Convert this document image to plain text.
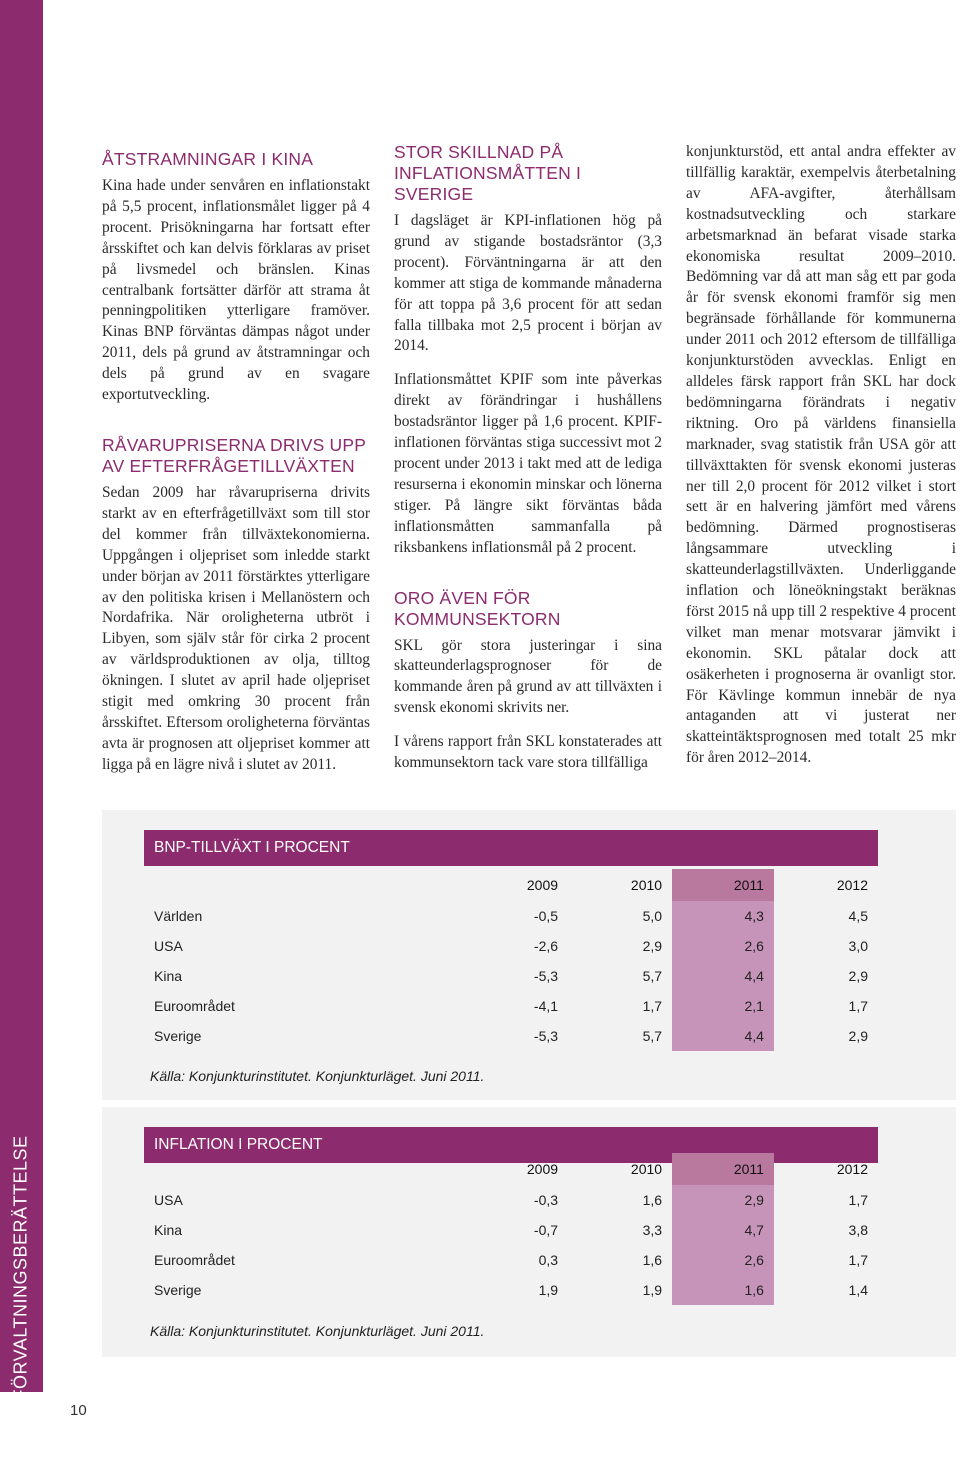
FÖRVALTNINGSBERÄTTELSE
10
ÅTSTRAMNINGAR I KINA

Kina hade under senvåren en inflationstakt på 5,5 procent, inflationsmålet ligger på 4 procent. Prisökningarna har fortsatt efter årsskiftet och kan delvis förklaras av priset på livsmedel och bränslen. Kinas centralbank fortsätter därför att strama åt penningpolitiken ytterligare framöver. Kinas BNP förväntas dämpas något under 2011, dels på grund av åtstramningar och dels på grund av en svagare exportutveckling.

RÅVARUPRISERNA DRIVS UPP AV EFTERFRÅGETILLVÄXTEN

Sedan 2009 har råvarupriserna drivits starkt av en efterfrågetillväxt som till stor del kommer från tillväxtekonomierna. Uppgången i oljepriset som inledde starkt under början av 2011 förstärktes ytterligare av den politiska krisen i Mellanöstern och Nordafrika. När oroligheterna utbröt i Libyen, som själv står för cirka 2 procent av världsproduktionen av olja, tilltog ökningen. I slutet av april hade oljepriset stigit med omkring 30 procent från årsskiftet. Eftersom oroligheterna förväntas avta är prognosen att oljepriset kommer att ligga på en lägre nivå i slutet av 2011.

STOR SKILLNAD PÅ INFLATIONSMÅTTEN I SVERIGE

I dagsläget är KPI-inflationen hög på grund av stigande bostadsräntor (3,3 procent). Förväntningarna är att den kommer att stiga de kommande månaderna för att toppa på 3,6 procent för att sedan falla tillbaka mot 2,5 procent i början av 2014.

Inflationsmåttet KPIF som inte påverkas direkt av förändringar i hushållens bostadsräntor ligger på 1,6 procent. KPIF-inflationen förväntas stiga successivt mot 2 procent under 2013 i takt med att de lediga resurserna i ekonomin minskar och lönerna stiger. På längre sikt förväntas båda inflationsmåtten sammanfalla på riksbankens inflationsmål på 2 procent.

ORO ÄVEN FÖR KOMMUNSEKTORN

SKL gör stora justeringar i sina skatteunderlagsprognoser för de kommande åren på grund av att tillväxten i svensk ekonomi skrivits ner.

I vårens rapport från SKL konstaterades att kommunsektorn tack vare stora tillfälliga

konjunkturstöd, ett antal andra effekter av tillfällig karaktär, exempelvis återbetalning av AFA-avgifter, återhållsam kostnadsutveckling och starkare arbetsmarknad än befarat visade starka ekonomiska resultat 2009–2010. Bedömning var då att man såg ett par goda år för svensk ekonomi framför sig men begränsade förhållande för kommunerna under 2011 och 2012 eftersom de tillfälliga konjunkturstöden avvecklas. Enligt en alldeles färsk rapport från SKL har dock bedömningarna förändrats i negativ riktning. Oro på världens finansiella marknader, svag statistik från USA gör att tillväxttakten för svensk ekonomi justeras ner till 2,0 procent för 2012 vilket i stort sett är en halvering jämfört med vårens bedömning. Därmed prognostiseras långsammare utveckling i skatteunderlagstillväxten. Underliggande inflation och löneökningstakt beräknas först 2015 nå upp till 2 respektive 4 procent vilket man menar motsvarar jämvikt i ekonomin. SKL påtalar dock att osäkerheten i prognoserna är ovanligt stor. För Kävlinge kommun innebär de nya antaganden att vi justerat ner skatteintäktsprognosen med totalt 25 mkr för åren 2012–2014.

BNP-TILLVÄXT I PROCENT
	2009	2010	2011	2012
Världen	-0,5	5,0	4,3	4,5
USA	-2,6	2,9	2,6	3,0
Kina	-5,3	5,7	4,4	2,9
Euroområdet	-4,1	1,7	2,1	1,7
Sverige	-5,3	5,7	4,4	2,9
Källa: Konjunkturinstitutet. Konjunkturläget. Juni 2011.
INFLATION I PROCENT
	2009	2010	2011	2012
USA	-0,3	1,6	2,9	1,7
Kina	-0,7	3,3	4,7	3,8
Euroområdet	0,3	1,6	2,6	1,7
Sverige	1,9	1,9	1,6	1,4
Källa: Konjunkturinstitutet. Konjunkturläget. Juni 2011.
